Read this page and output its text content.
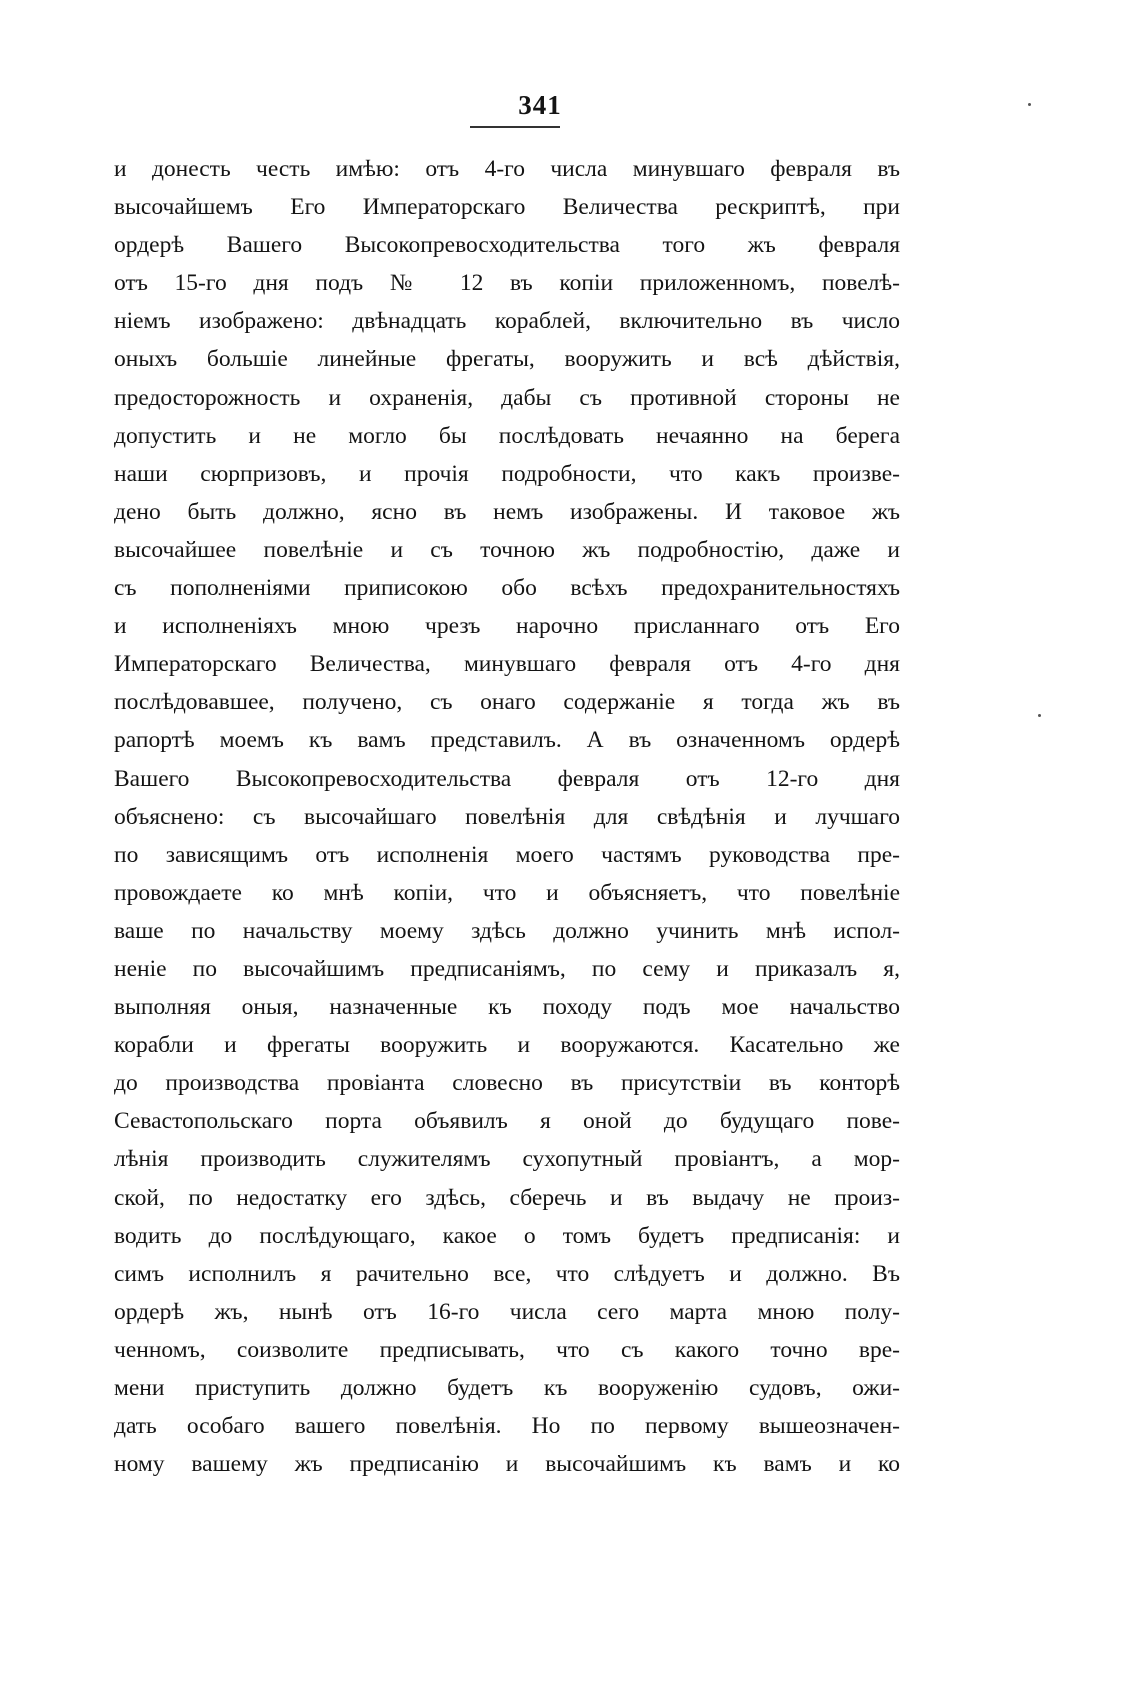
341
и донесть честь имѣю: отъ 4-го числа минувшаго февраля въ
высочайшемъ Его Императорскаго Величества рескриптѣ, при
ордерѣ Вашего Высокопревосходительства того жъ февраля
отъ 15-го дня подъ № 12 въ копіи приложенномъ, повелѣ-
ніемъ изображено: двѣнадцать кораблей, включительно въ число
оныхъ большіе линейные фрегаты, вооружить и всѣ дѣйствія,
предосторожность и охраненія, дабы съ противной стороны не
допустить и не могло бы послѣдовать нечаянно на берега
наши сюрпризовъ, и прочія подробности, что какъ произве-
дено быть должно, ясно въ немъ изображены. И таковое жъ
высочайшее повелѣніе и съ точною жъ подробностію, даже и
съ пополненіями приписокою обо всѣхъ предохранительностяхъ
и исполненіяхъ мною чрезъ нарочно присланнаго отъ Его
Императорскаго Величества, минувшаго февраля отъ 4-го дня
послѣдовавшее, получено, съ онаго содержаніе я тогда жъ въ
рапортѣ моемъ къ вамъ представилъ. А въ означенномъ ордерѣ
Вашего Высокопревосходительства февраля отъ 12-го дня
объяснено: съ высочайшаго повелѣнія для свѣдѣнія и лучшаго
по зависящимъ отъ исполненія моего частямъ руководства пре-
провождаете ко мнѣ копіи, что и объясняетъ, что повелѣніе
ваше по начальству моему здѣсь должно учинить мнѣ испол-
неніе по высочайшимъ предписаніямъ, по сему и приказалъ я,
выполняя оныя, назначенные къ походу подъ мое начальство
корабли и фрегаты вооружить и вооружаются. Касательно же
до производства провіанта словесно въ присутствіи въ конторѣ
Севастопольскаго порта объявилъ я оной до будущаго пове-
лѣнія производить служителямъ сухопутный провіантъ, а мор-
ской, по недостатку его здѣсь, сберечь и въ выдачу не произ-
водить до послѣдующаго, какое о томъ будетъ предписанія: и
симъ исполнилъ я рачительно все, что слѣдуетъ и должно. Въ
ордерѣ жъ, нынѣ отъ 16-го числа сего марта мною полу-
ченномъ, соизволите предписывать, что съ какого точно вре-
мени приступить должно будетъ къ вооруженію судовъ, ожи-
дать особаго вашего повелѣнія. Но по первому вышеозначен-
ному вашему жъ предписанію и высочайшимъ къ вамъ и ко
